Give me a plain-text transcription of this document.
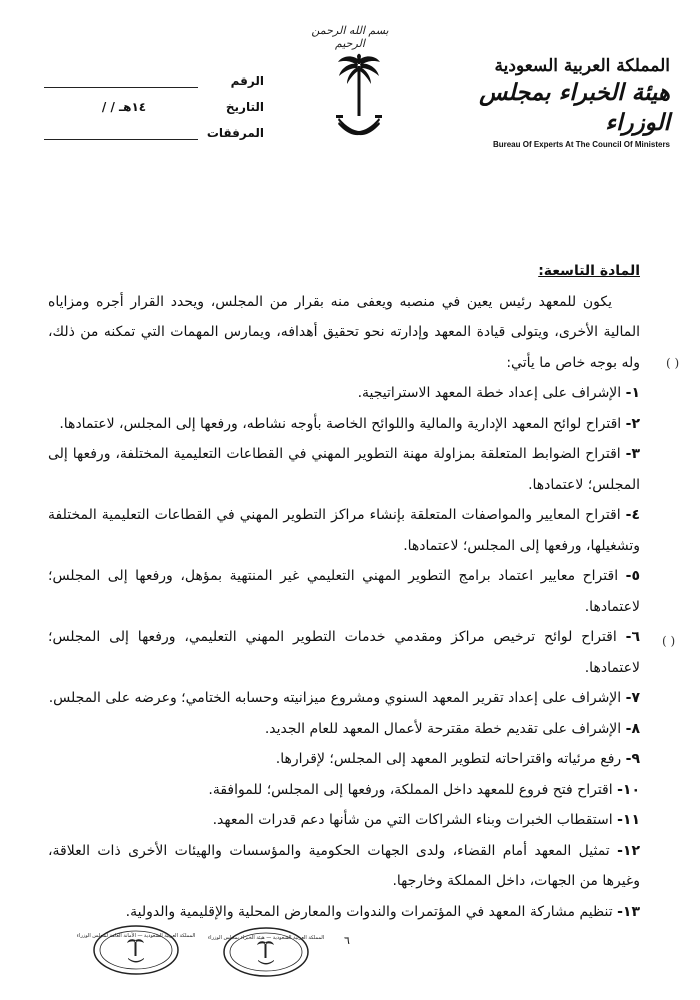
بسم الله الرحمن الرحيم
المملكة العربية السعودية
هيئة الخبراء بمجلس الوزراء
Bureau Of Experts At The Council Of Ministers
الرقم
التاريخ
/ / ١٤هـ
المرفقات
المادة التاسعة:

يكون للمعهد رئيس يعين في منصبه ويعفى منه بقرار من المجلس، ويحدد القرار أجره ومزاياه المالية الأخرى، ويتولى قيادة المعهد وإدارته نحو تحقيق أهدافه، ويمارس المهمات التي تمكنه من ذلك، وله بوجه خاص ما يأتي:

١- الإشراف على إعداد خطة المعهد الاستراتيجية.
٢- اقتراح لوائح المعهد الإدارية والمالية واللوائح الخاصة بأوجه نشاطه، ورفعها إلى المجلس، لاعتمادها.
٣- اقتراح الضوابط المتعلقة بمزاولة مهنة التطوير المهني في القطاعات التعليمية المختلفة، ورفعها إلى المجلس؛ لاعتمادها.
٤- اقتراح المعايير والمواصفات المتعلقة بإنشاء مراكز التطوير المهني في القطاعات التعليمية المختلفة وتشغيلها، ورفعها إلى المجلس؛ لاعتمادها.
٥- اقتراح معايير اعتماد برامج التطوير المهني التعليمي غير المنتهية بمؤهل، ورفعها إلى المجلس؛ لاعتمادها.
٦- اقتراح لوائح ترخيص مراكز ومقدمي خدمات التطوير المهني التعليمي، ورفعها إلى المجلس؛ لاعتمادها.
٧- الإشراف على إعداد تقرير المعهد السنوي ومشروع ميزانيته وحسابه الختامي؛ وعرضه على المجلس.
٨- الإشراف على تقديم خطة مقترحة لأعمال المعهد للعام الجديد.
٩- رفع مرئياته واقتراحاته لتطوير المعهد إلى المجلس؛ لإقرارها.
١٠- اقتراح فتح فروع للمعهد داخل المملكة، ورفعها إلى المجلس؛ للموافقة.
١١- استقطاب الخبرات وبناء الشراكات التي من شأنها دعم قدرات المعهد.
١٢- تمثيل المعهد أمام القضاء، ولدى الجهات الحكومية والمؤسسات والهيئات الأخرى ذات العلاقة، وغيرها من الجهات، داخل المملكة وخارجها.
١٣- تنظيم مشاركة المعهد في المؤتمرات والندوات والمعارض المحلية والإقليمية والدولية.
( )
( )
٦
المملكة العربية السعودية — الأمانة العامة لمجلس الوزراء المملكة العربية السعودية — هيئة الخبراء بمجلس الوزراء
